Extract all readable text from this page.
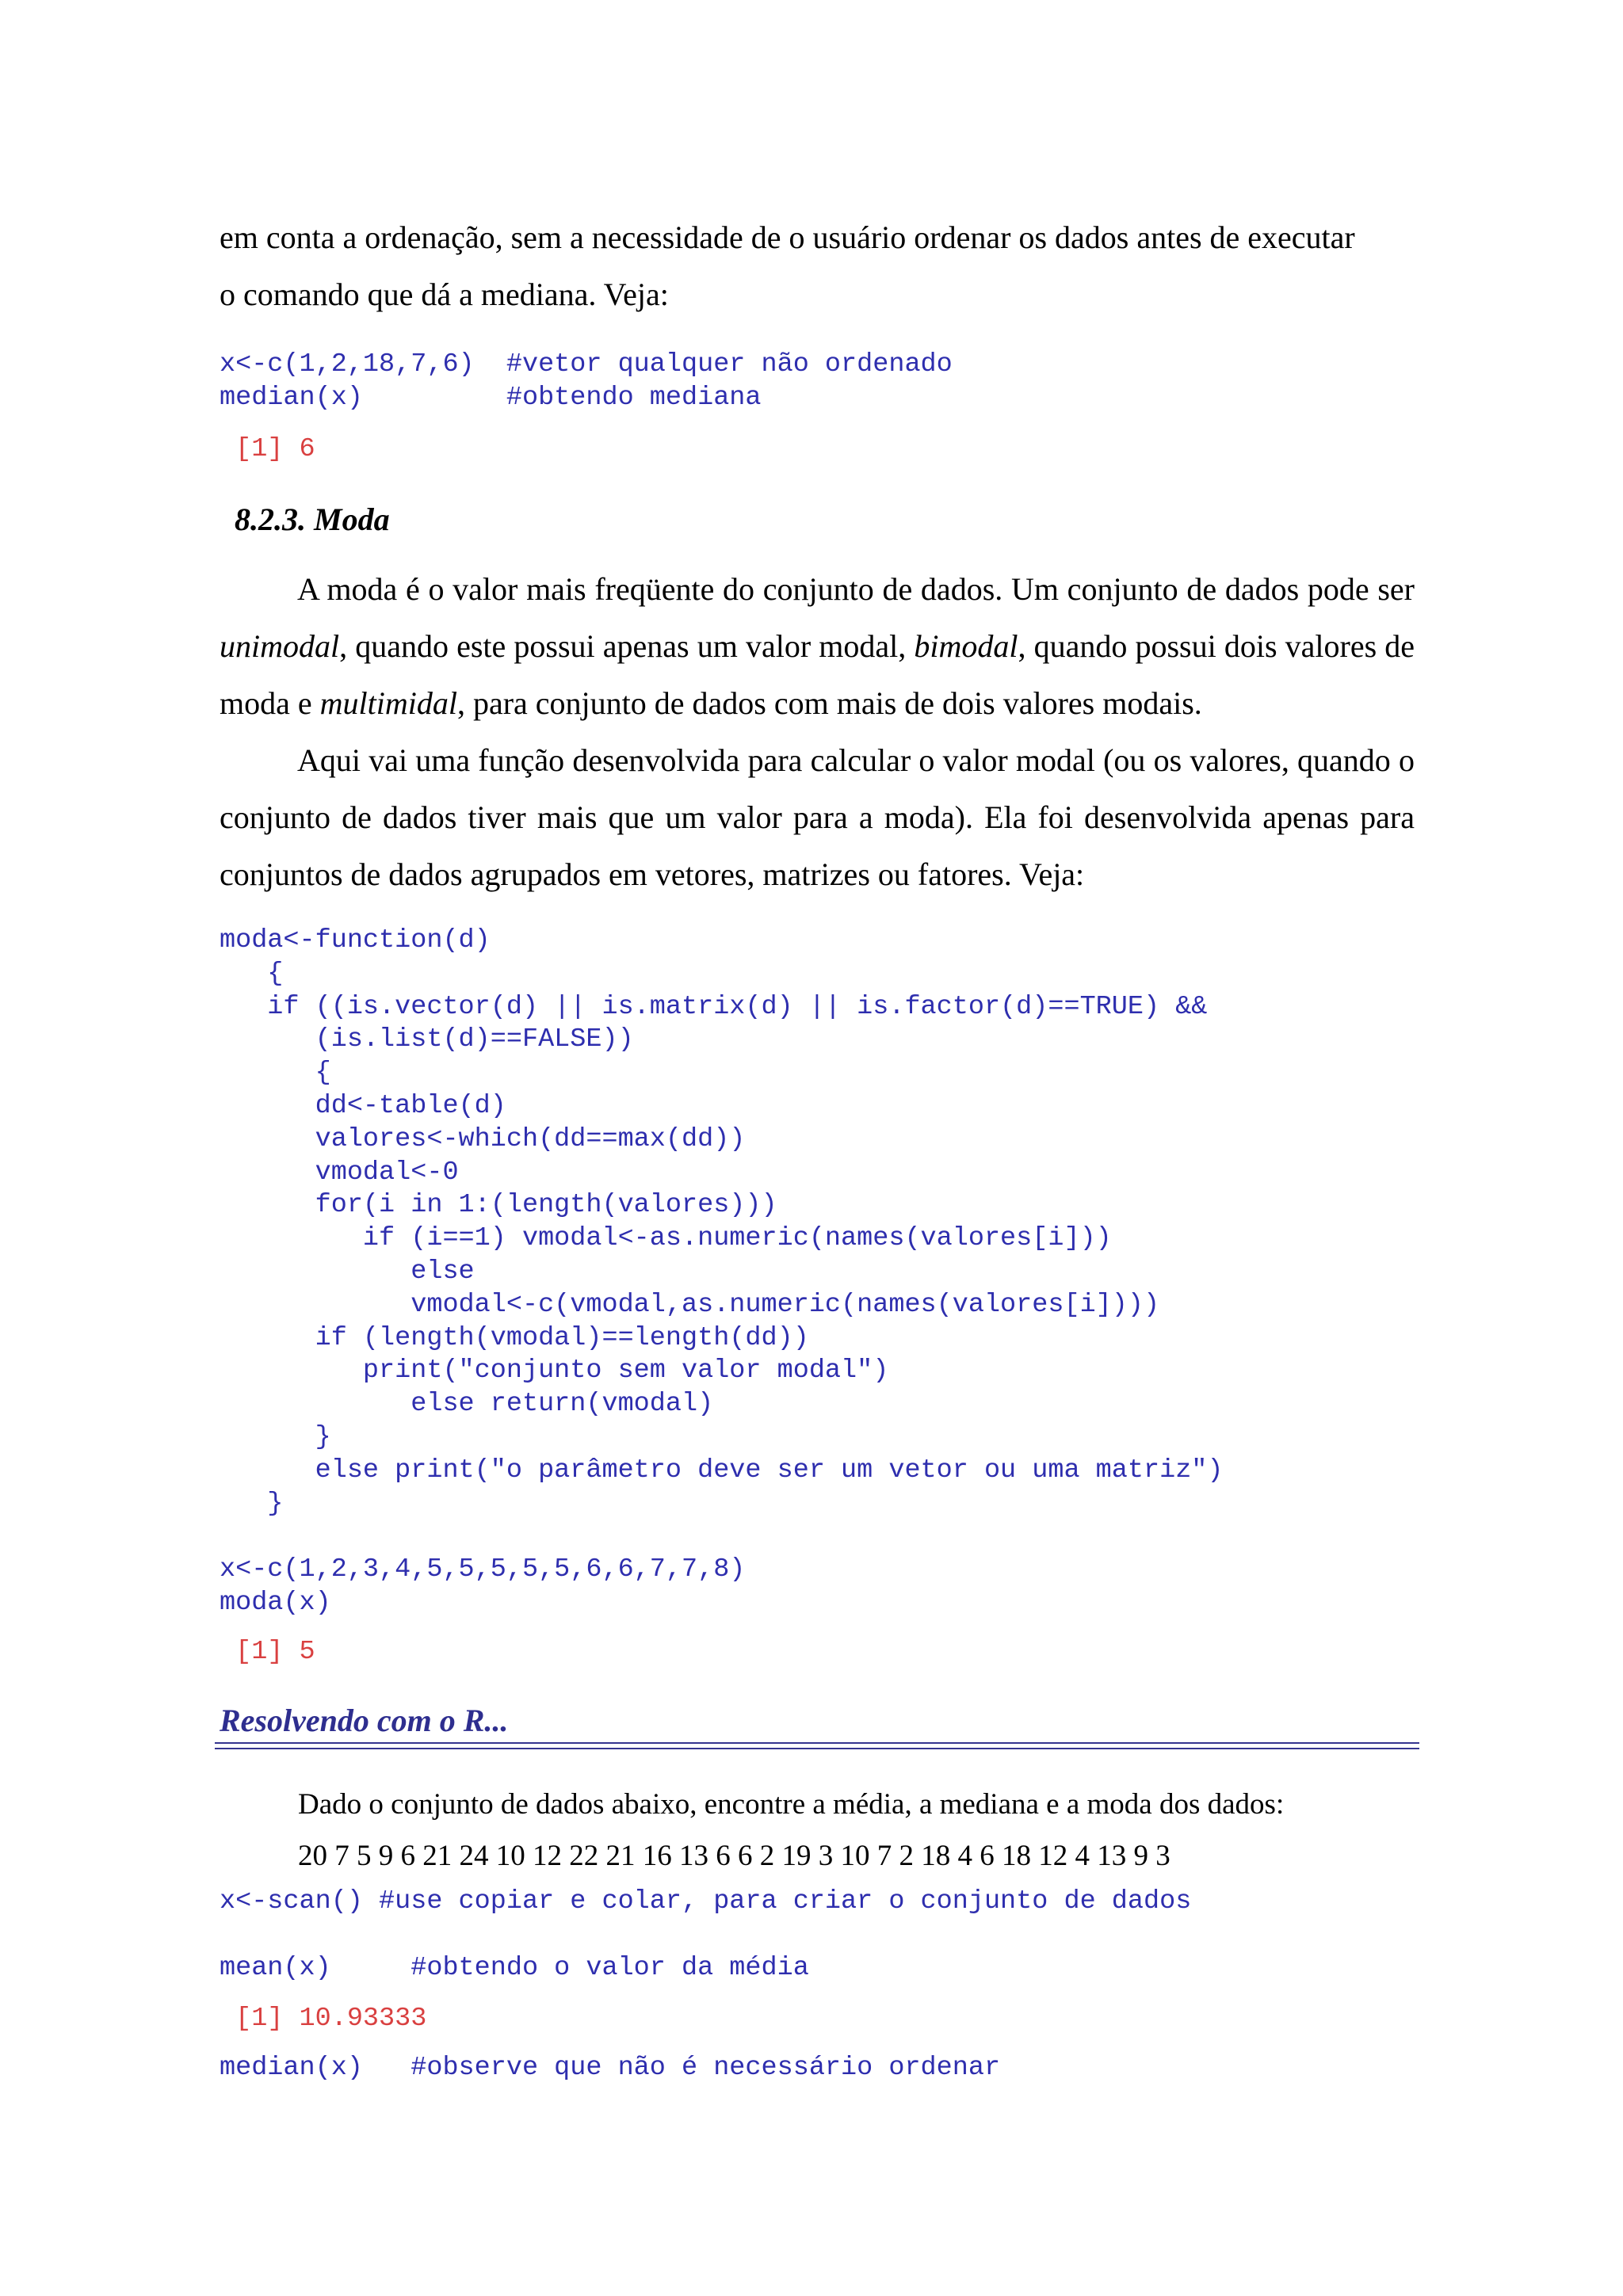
em conta a ordenação, sem a necessidade de o usuário ordenar os dados antes de executar
o comando que dá a mediana. Veja:

x<-c(1,2,18,7,6)  #vetor qualquer não ordenado
median(x)         #obtendo mediana
[1] 6

8.2.3. Moda

A moda é o valor mais freqüente do conjunto de dados. Um conjunto de dados pode ser unimodal, quando este possui apenas um valor modal, bimodal, quando possui dois valores de moda e multimidal, para conjunto de dados com mais de dois valores modais.

Aqui vai uma função desenvolvida para calcular o valor modal (ou os valores, quando o conjunto de dados tiver mais que um valor para a moda). Ela foi desenvolvida apenas para conjuntos de dados agrupados em vetores, matrizes ou fatores. Veja:

moda<-function(d)
{
if ((is.vector(d) || is.matrix(d) || is.factor(d)==TRUE) &&
(is.list(d)==FALSE))
{
dd<-table(d)
valores<-which(dd==max(dd))
vmodal<-0
for(i in 1:(length(valores)))
if (i==1) vmodal<-as.numeric(names(valores[i]))
else
vmodal<-c(vmodal,as.numeric(names(valores[i])))
if (length(vmodal)==length(dd))
print("conjunto sem valor modal")
else return(vmodal)
}
else print("o parâmetro deve ser um vetor ou uma matriz")
}

x<-c(1,2,3,4,5,5,5,5,5,6,6,7,7,8)
moda(x)
[1] 5

Resolvendo com o R...

Dado o conjunto de dados abaixo, encontre a média, a mediana e a moda dos dados:

20 7 5 9 6 21 24 10 12 22 21 16 13 6 6 2 19 3 10 7 2 18 4 6 18 12 4 13 9 3

x<-scan() #use copiar e colar, para criar o conjunto de dados
mean(x)     #obtendo o valor da média
[1] 10.93333
median(x)   #observe que não é necessário ordenar
